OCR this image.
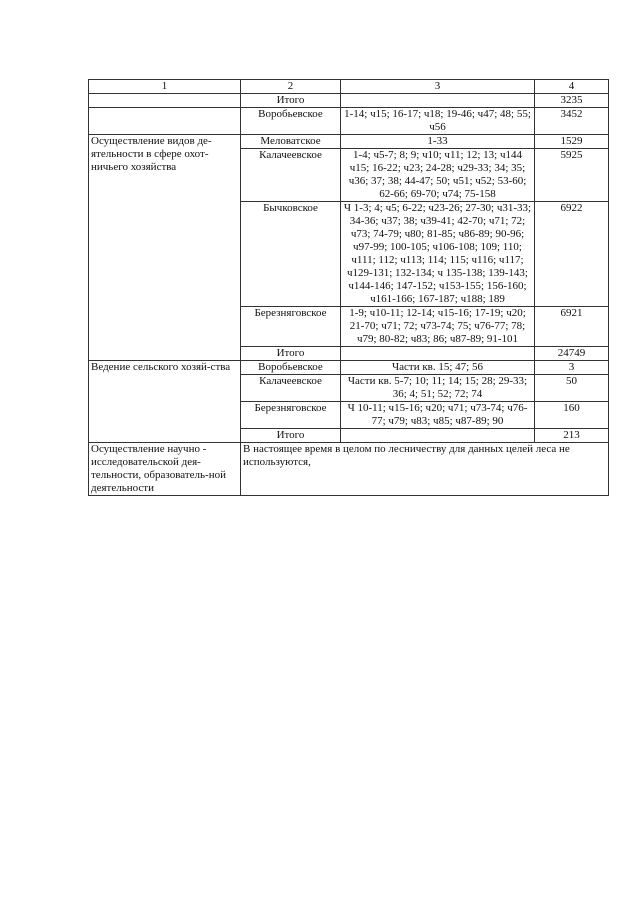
1	2	3	4
	Итого		3235
	Воробьевское	1-14; ч15; 16-17; ч18; 19-46; ч47; 48; 55; ч56	3452
Осуществление видов де-ятельности в сфере охот-ничьего хозяйства	Меловатское	1-33	1529
	Калачеевское	1-4; ч5-7; 8; 9; ч10; ч11; 12; 13; ч144 ч15; 16-22; ч23; 24-28; ч29-33; 34; 35; ч36; 37; 38; 44-47; 50; ч51; ч52; 53-60; 62-66; 69-70; ч74; 75-158	5925
	Бычковское	Ч 1-3; 4; ч5; 6-22; ч23-26; 27-30; ч31-33; 34-36; ч37; 38; ч39-41; 42-70; ч71; 72; ч73; 74-79; ч80; 81-85; ч86-89; 90-96; ч97-99; 100-105; ч106-108; 109; 110; ч111; 112; ч113; 114; 115; ч116; ч117; ч129-131; 132-134; ч 135-138; 139-143; ч144-146; 147-152; ч153-155; 156-160; ч161-166; 167-187; ч188; 189	6922
	Березняговское	1-9; ч10-11; 12-14; ч15-16; 17-19; ч20; 21-70; ч71; 72; ч73-74; 75; ч76-77; 78; ч79; 80-82; ч83; 86; ч87-89; 91-101	6921
	Итого		24749
Ведение сельского хозяй-ства	Воробьевское	Части кв. 15; 47; 56	3
	Калачеевское	Части кв. 5-7; 10; 11; 14; 15; 28; 29-33; 36; 4; 51; 52; 72; 74	50
	Березняговское	Ч 10-11; ч15-16; ч20; ч71; ч73-74; ч76-77; ч79; ч83; ч85; ч87-89; 90	160
	Итого		213
Осуществление научно - исследовательской дея-тельности, образователь-ной деятельности	В настоящее время в целом по лесничеству для данных целей леса не используются,		
